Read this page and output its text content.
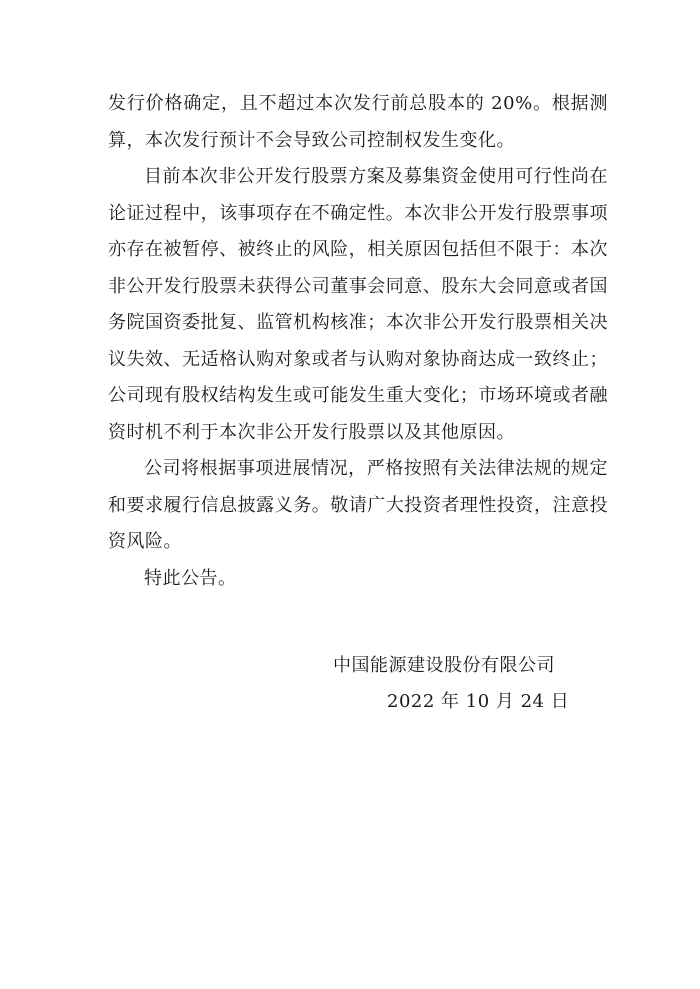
发行价格确定，且不超过本次发行前总股本的 20%。根据测算，本次发行预计不会导致公司控制权发生变化。

目前本次非公开发行股票方案及募集资金使用可行性尚在论证过程中，该事项存在不确定性。本次非公开发行股票事项亦存在被暂停、被终止的风险，相关原因包括但不限于：本次非公开发行股票未获得公司董事会同意、股东大会同意或者国务院国资委批复、监管机构核准；本次非公开发行股票相关决议失效、无适格认购对象或者与认购对象协商达成一致终止；公司现有股权结构发生或可能发生重大变化；市场环境或者融资时机不利于本次非公开发行股票以及其他原因。

公司将根据事项进展情况，严格按照有关法律法规的规定和要求履行信息披露义务。敬请广大投资者理性投资，注意投资风险。

特此公告。

中国能源建设股份有限公司
2022 年 10 月 24 日
